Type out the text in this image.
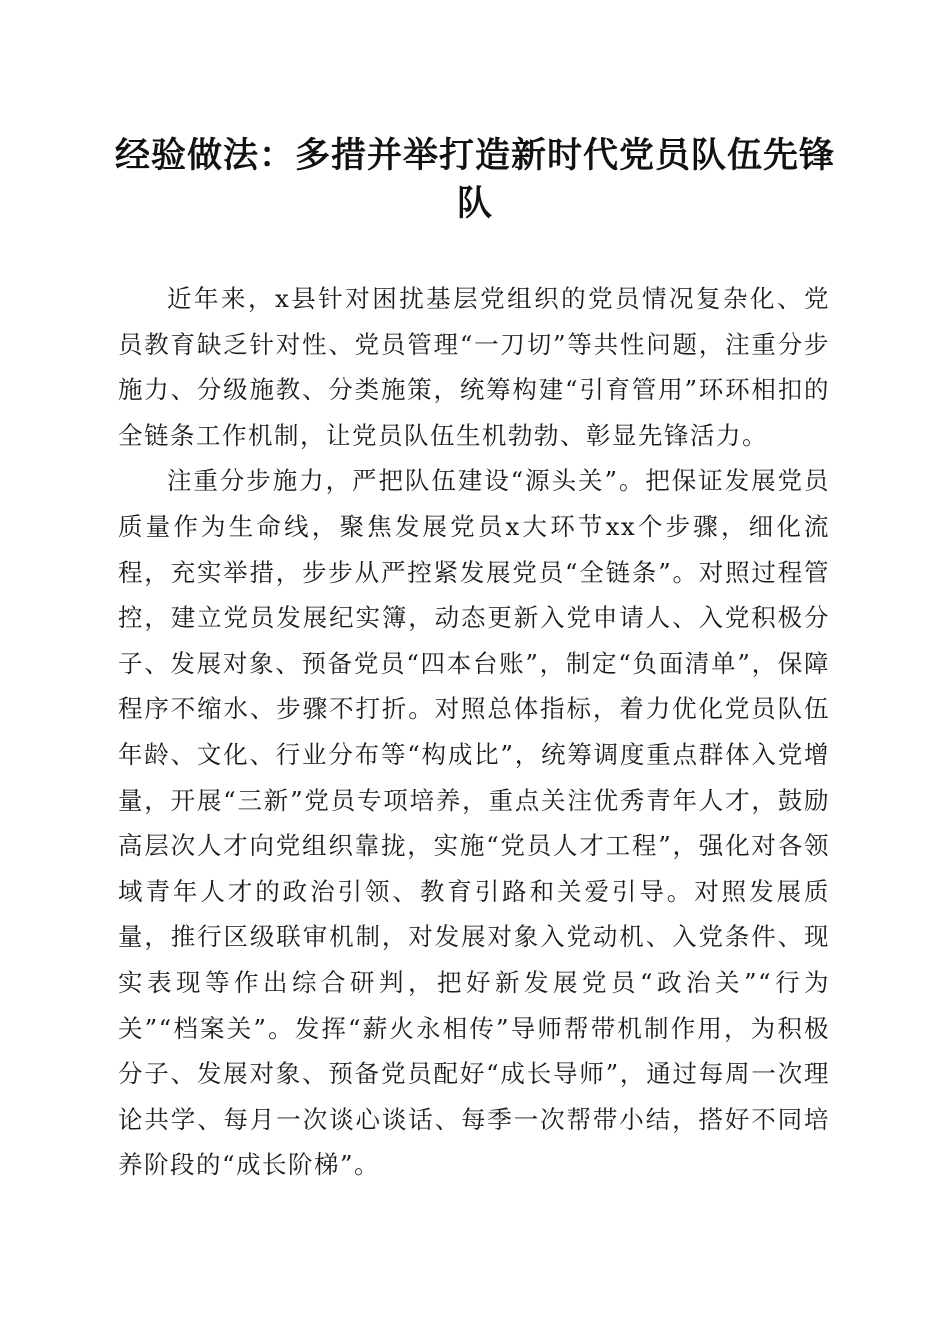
经验做法：多措并举打造新时代党员队伍先锋队

近年来，x县针对困扰基层党组织的党员情况复杂化、党员教育缺乏针对性、党员管理“一刀切”等共性问题，注重分步施力、分级施教、分类施策，统筹构建“引育管用”环环相扣的全链条工作机制，让党员队伍生机勃勃、彰显先锋活力。

注重分步施力，严把队伍建设“源头关”。把保证发展党员质量作为生命线，聚焦发展党员x大环节xx个步骤，细化流程，充实举措，步步从严控紧发展党员“全链条”。对照过程管控，建立党员发展纪实簿，动态更新入党申请人、入党积极分子、发展对象、预备党员“四本台账”，制定“负面清单”，保障程序不缩水、步骤不打折。对照总体指标，着力优化党员队伍年龄、文化、行业分布等“构成比”，统筹调度重点群体入党增量，开展“三新”党员专项培养，重点关注优秀青年人才，鼓励高层次人才向党组织靠拢，实施“党员人才工程”，强化对各领域青年人才的政治引领、教育引路和关爱引导。对照发展质量，推行区级联审机制，对发展对象入党动机、入党条件、现实表现等作出综合研判，把好新发展党员“政治关”“行为关”“档案关”。发挥“薪火永相传”导师帮带机制作用，为积极分子、发展对象、预备党员配好“成长导师”，通过每周一次理论共学、每月一次谈心谈话、每季一次帮带小结，搭好不同培养阶段的“成长阶梯”。
